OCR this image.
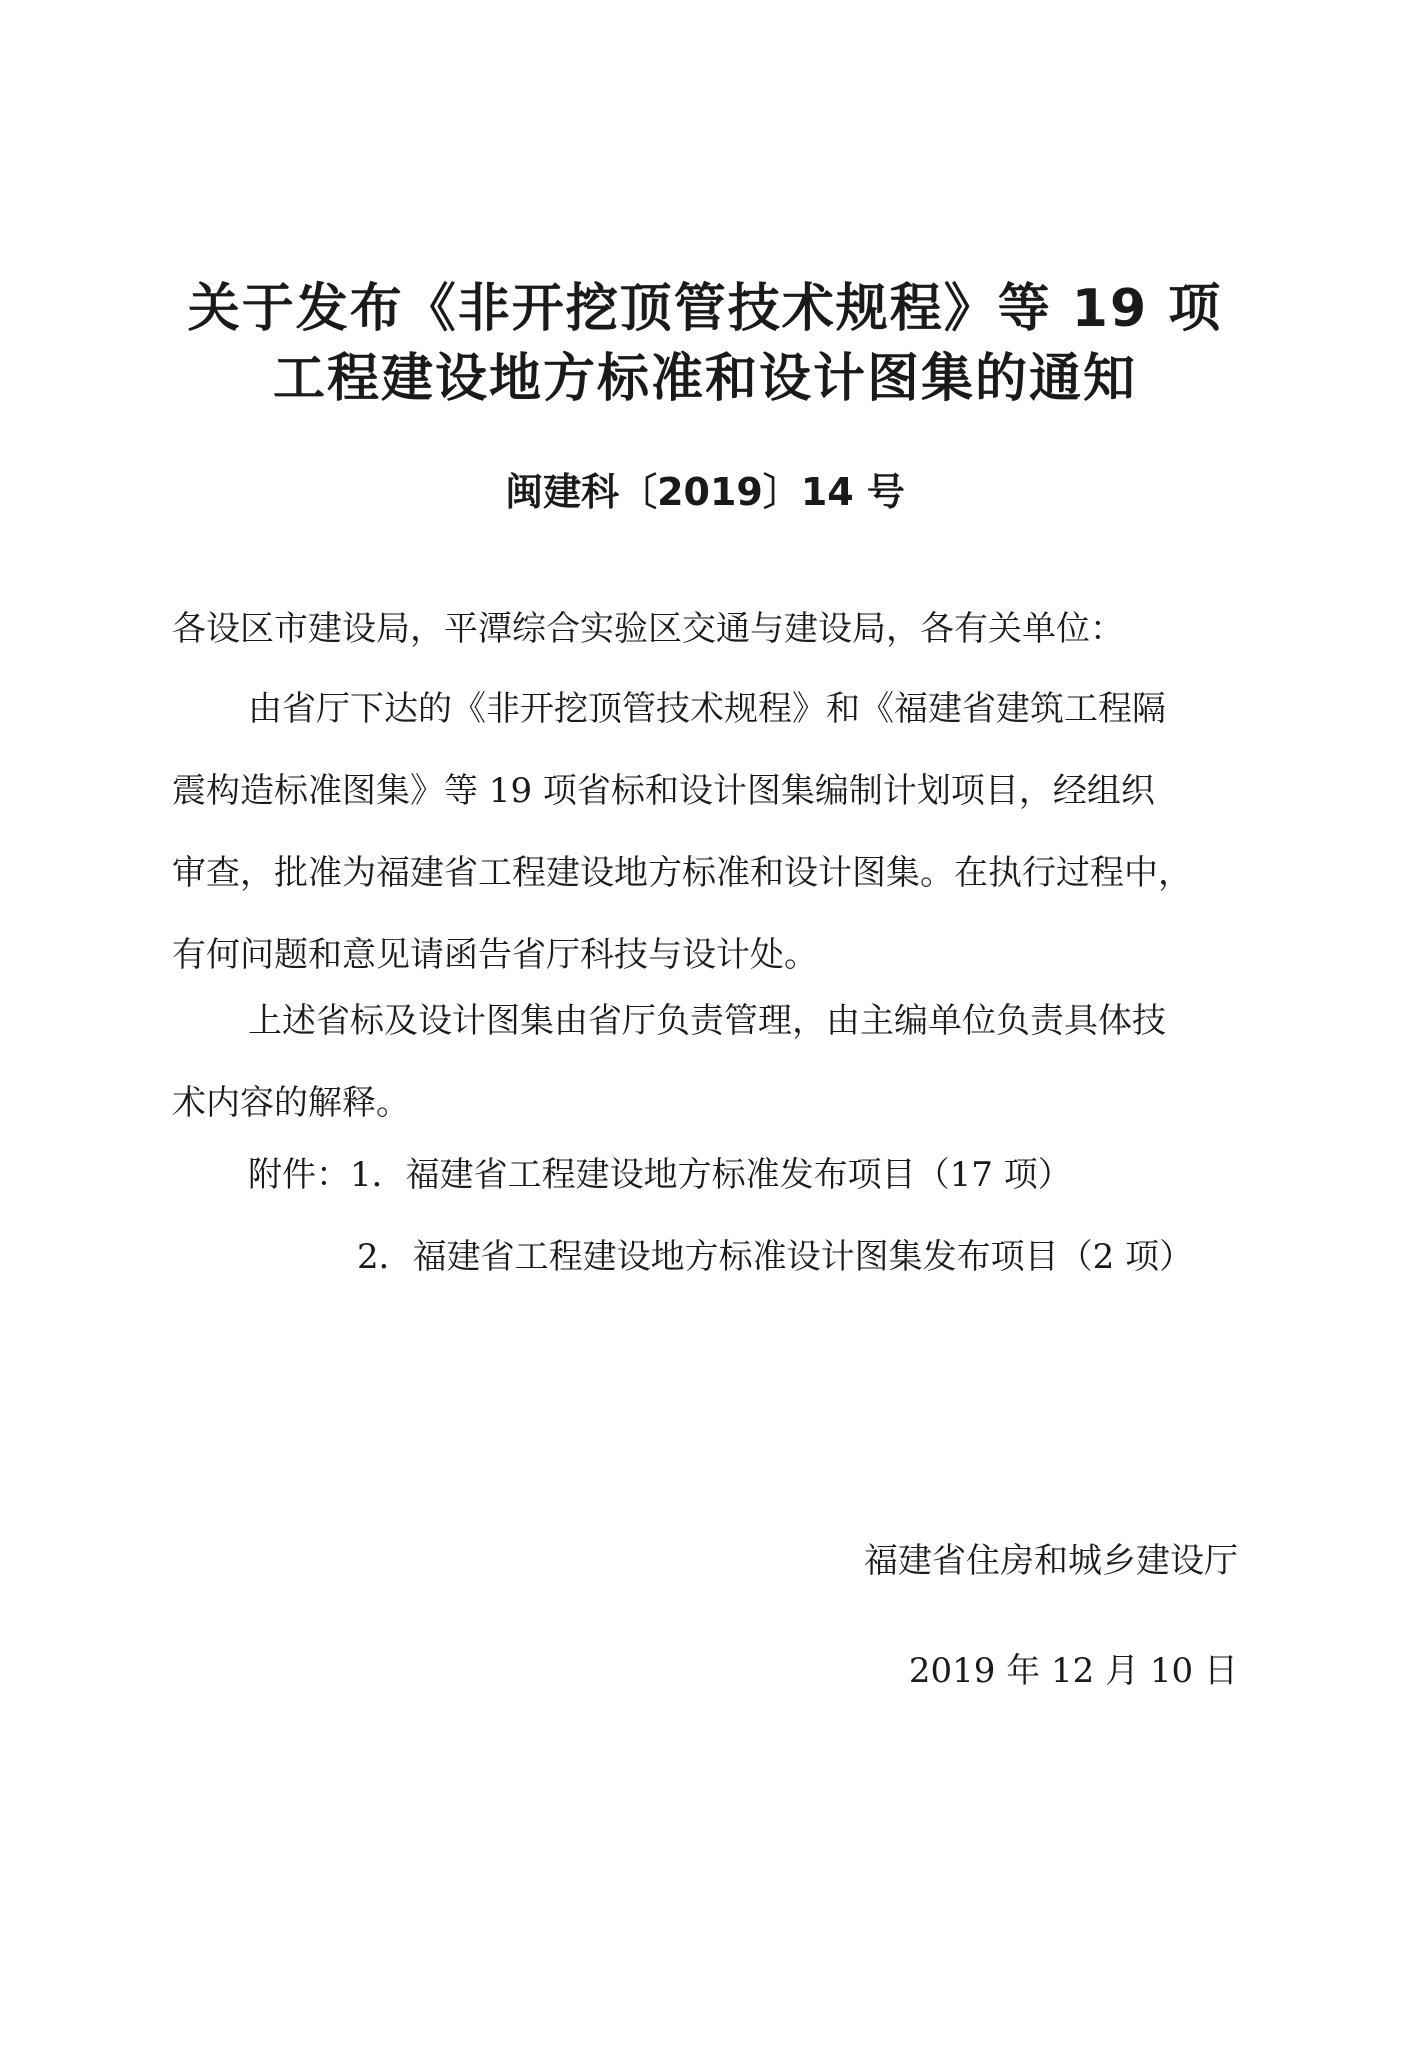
关于发布《非开挖顶管技术规程》等 19 项
工程建设地方标准和设计图集的通知
闽建科〔2019〕14 号
各设区市建设局，平潭综合实验区交通与建设局，各有关单位：
由省厅下达的《非开挖顶管技术规程》和《福建省建筑工程隔
震构造标准图集》等 19 项省标和设计图集编制计划项目，经组织
审查，批准为福建省工程建设地方标准和设计图集。在执行过程中，
有何问题和意见请函告省厅科技与设计处。
上述省标及设计图集由省厅负责管理，由主编单位负责具体技
术内容的解释。
附件：1．福建省工程建设地方标准发布项目（17 项）
2．福建省工程建设地方标准设计图集发布项目（2 项）
福建省住房和城乡建设厅
2019 年 12 月 10 日
